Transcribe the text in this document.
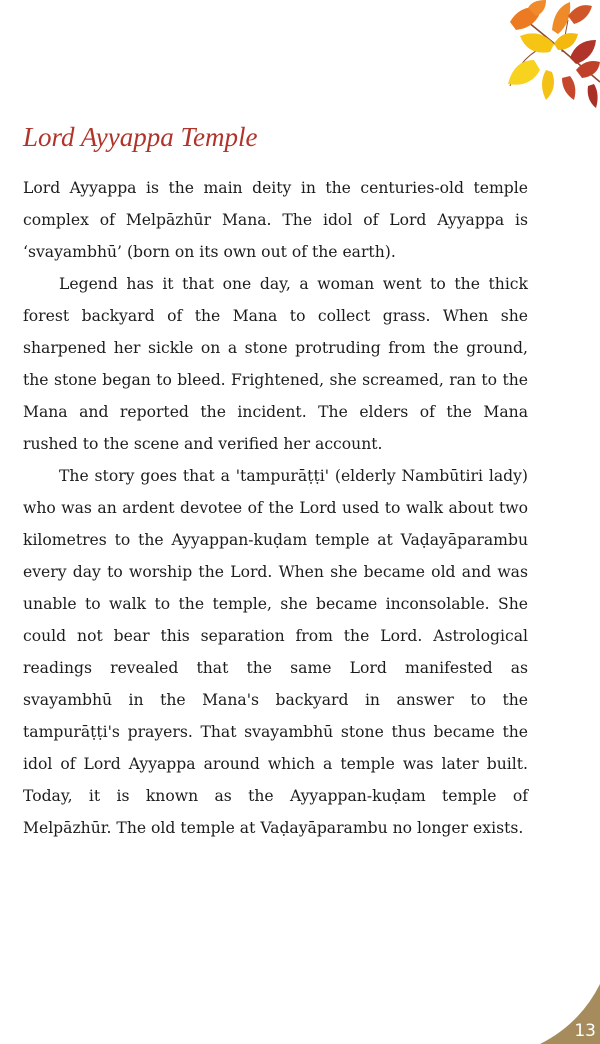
Lord Ayyappa Temple

Lord Ayyappa is the main deity in the centuries-old temple complex of Melpāzhūr Mana. The idol of Lord Ayyappa is ‘svayambhū’ (born on its own out of the earth).

Legend has it that one day, a woman went to the thick forest backyard of the Mana to collect grass. When she sharpened her sickle on a stone protruding from the ground, the stone began to bleed. Frightened, she screamed, ran to the Mana and reported the incident. The elders of the Mana rushed to the scene and verified her account.

The story goes that a 'tampurāṭṭi' (elderly Nambūtiri lady) who was an ardent devotee of the Lord used to walk about two kilometres to the Ayyappan-kuḍam temple at Vaḍayāparambu every day to worship the Lord. When she became old and was unable to walk to the temple, she became inconsolable. She could not bear this separation from the Lord. Astrological readings revealed that the same Lord manifested as svayambhū in the Mana's backyard in answer to the tampurāṭṭi's prayers. That svayambhū stone thus became the idol of Lord Ayyappa around which a temple was later built. Today, it is known as the Ayyappan-kuḍam temple of Melpāzhūr. The old temple at Vaḍayāparambu no longer exists.

13
